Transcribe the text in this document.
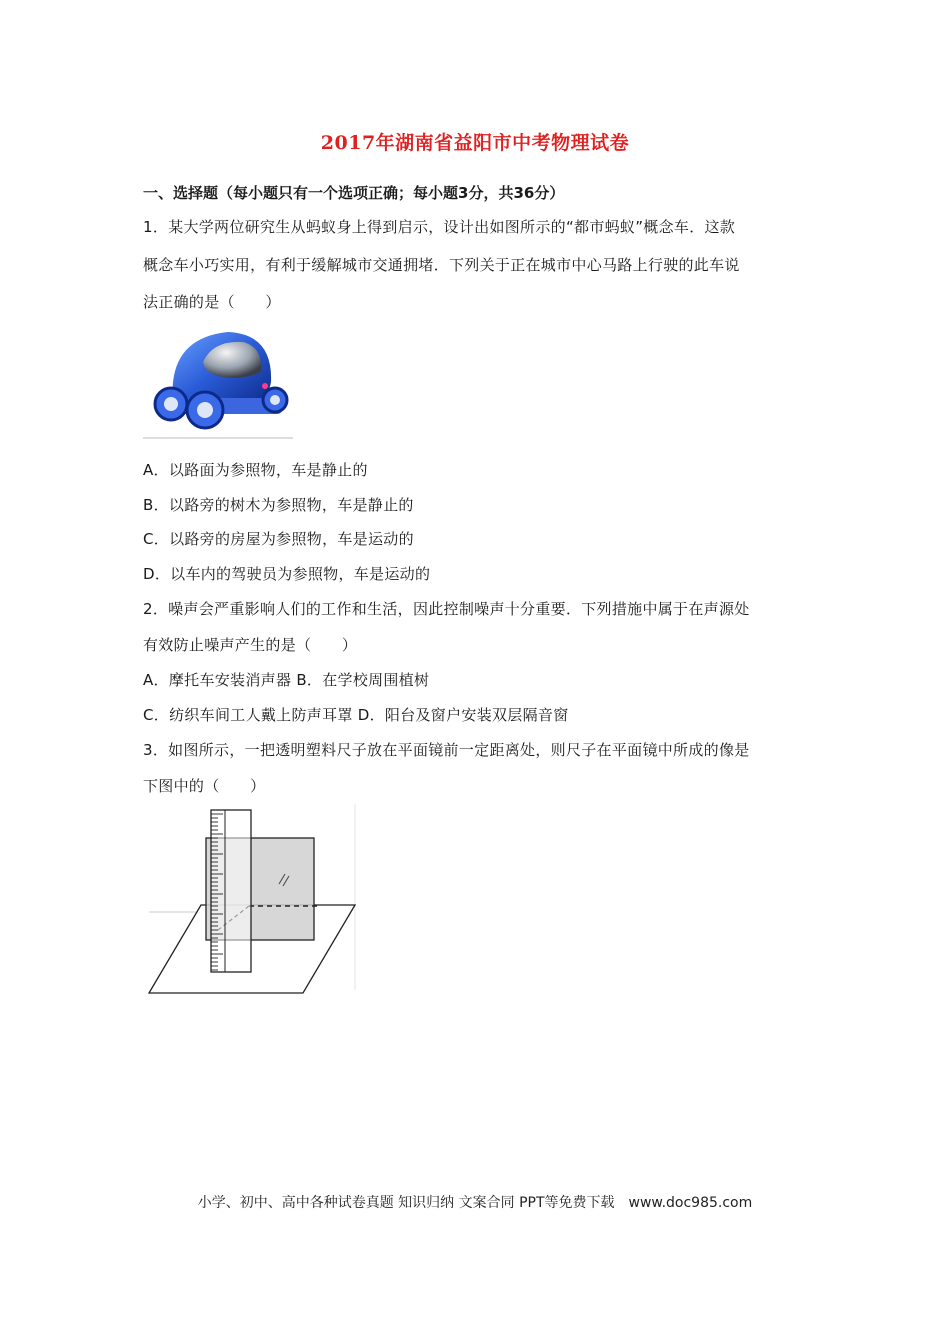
2017年湖南省益阳市中考物理试卷
一、选择题（每小题只有一个选项正确；每小题3分，共36分）
1．某大学两位研究生从蚂蚁身上得到启示，设计出如图所示的“都市蚂蚁”概念车．这款
概念车小巧实用，有利于缓解城市交通拥堵．下列关于正在城市中心马路上行驶的此车说
法正确的是（　　）
A．以路面为参照物，车是静止的
B．以路旁的树木为参照物，车是静止的
C．以路旁的房屋为参照物，车是运动的
D．以车内的驾驶员为参照物，车是运动的
2．噪声会严重影响人们的工作和生活，因此控制噪声十分重要．下列措施中属于在声源处
有效防止噪声产生的是（　　）
A．摩托车安装消声器 B．在学校周围植树
C．纺织车间工人戴上防声耳罩 D．阳台及窗户安装双层隔音窗
3．如图所示，一把透明塑料尺子放在平面镜前一定距离处，则尺子在平面镜中所成的像是
下图中的（　　）
小学、初中、高中各种试卷真题 知识归纳 文案合同 PPT等免费下载　www.doc985.com
